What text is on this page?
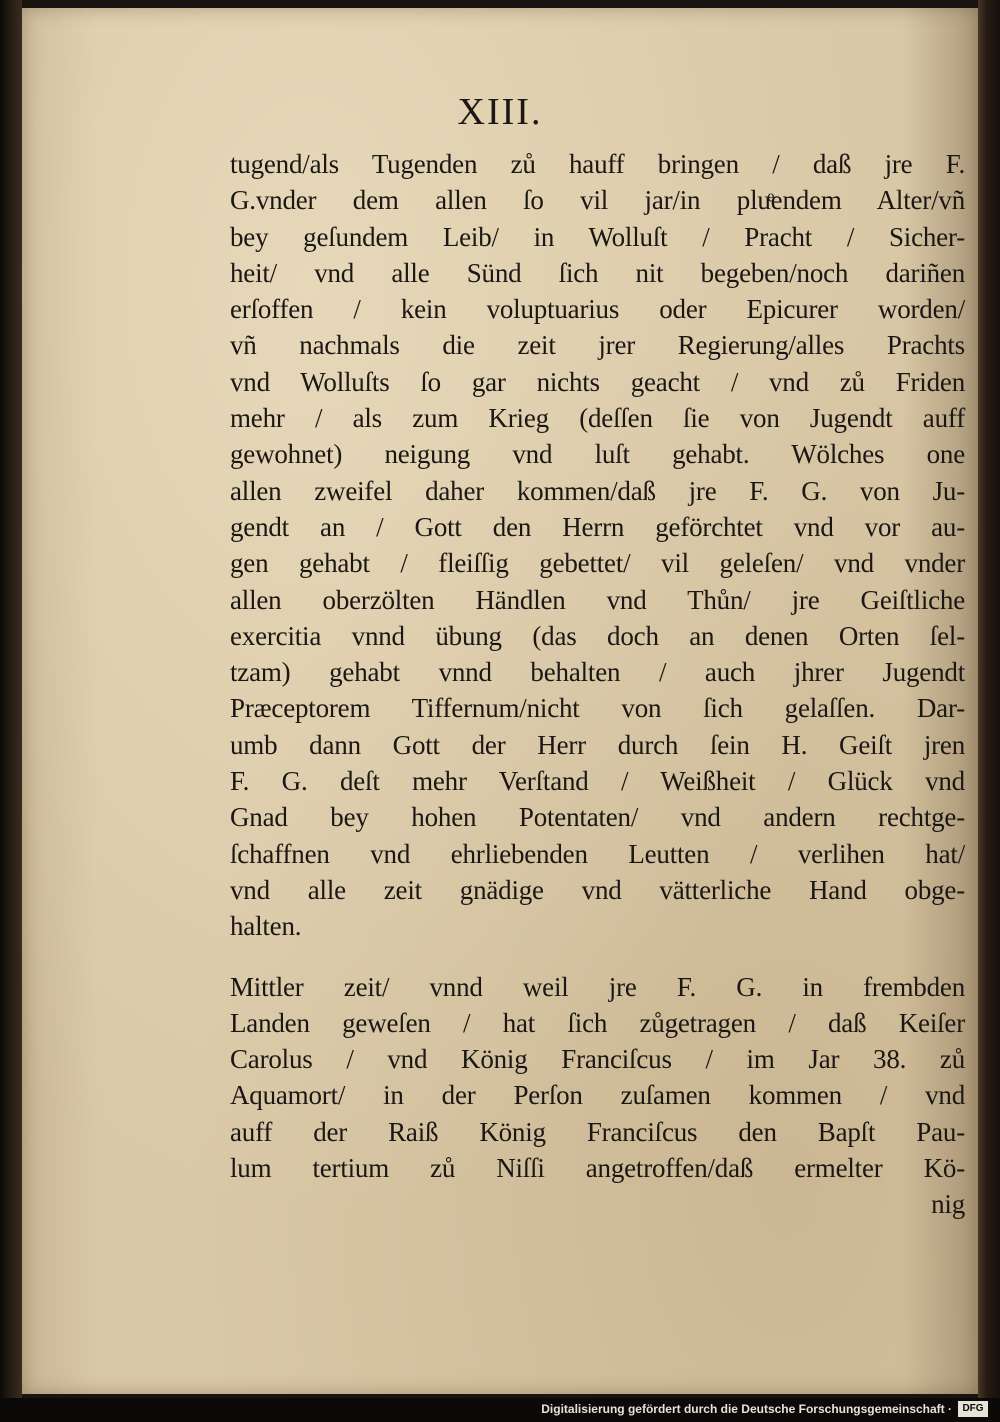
XIII.
tugend/als Tugenden zů hauff bringen / daß jre F.
G.vnder dem allen ſo vil jar/in pluͤendem Alter/vñ
bey geſundem Leib/ in Wolluſt / Pracht / Sicher-
heit/ vnd alle Sünd ſich nit begeben/noch dariñen
erſoffen / kein voluptuarius oder Epicurer worden/
vñ nachmals die zeit jrer Regierung/alles Prachts
vnd Wolluſts ſo gar nichts geacht / vnd zů Friden
mehr / als zum Krieg (deſſen ſie von Jugendt auff
gewohnet) neigung vnd luſt gehabt. Wölches one
allen zweifel daher kommen/daß jre F. G. von Ju-
gendt an / Gott den Herrn geförchtet vnd vor au-
gen gehabt / fleiſſig gebettet/ vil geleſen/ vnd vnder
allen oberzölten Händlen vnd Thůn/ jre Geiſtliche
exercitia vnnd übung (das doch an denen Orten ſel-
tzam) gehabt vnnd behalten / auch jhrer Jugendt
Præceptorem Tiffernum/nicht von ſich gelaſſen. Dar-
umb dann Gott der Herr durch ſein H. Geiſt jren
F. G. deſt mehr Verſtand / Weißheit / Glück vnd
Gnad bey hohen Potentaten/ vnd andern rechtge-
ſchaffnen vnd ehrliebenden Leutten / verlihen hat/
vnd alle zeit gnädige vnd vätterliche Hand obge-
halten.
Mittler zeit/ vnnd weil jre F. G. in frembden
Landen geweſen / hat ſich zůgetragen / daß Keiſer
Carolus / vnd König Franciſcus / im Jar 38. zů
Aquamort/ in der Perſon zuſamen kommen / vnd
auff der Raiß König Franciſcus den Bapſt Pau-
lum tertium zů Niſſi angetroffen/daß ermelter Kö-
nig
Digitalisierung gefördert durch die Deutsche Forschungsgemeinschaft ·	DFG
